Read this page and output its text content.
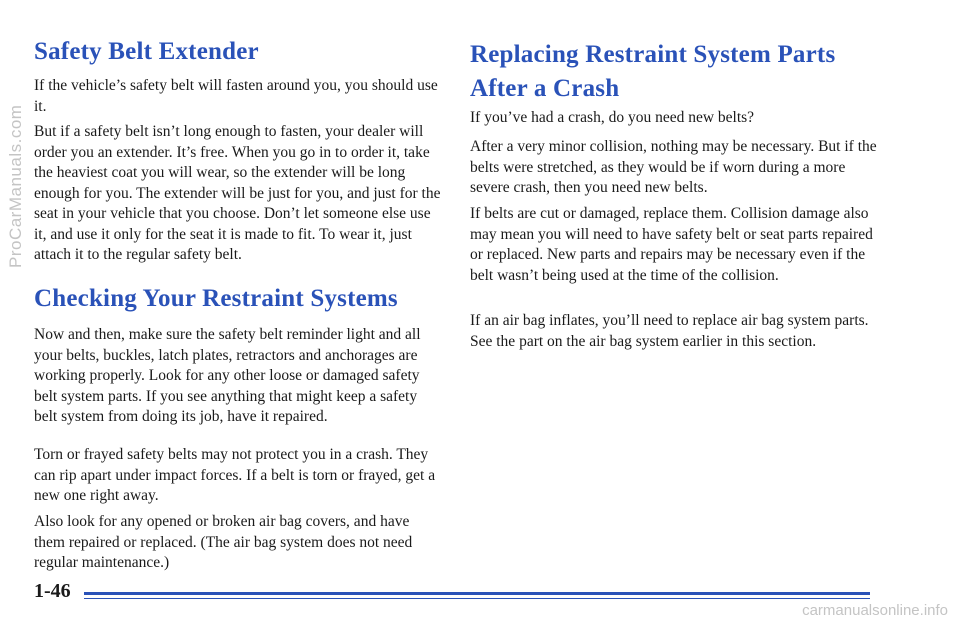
Safety Belt Extender

If the vehicle’s safety belt will fasten around you, you should use it.

But if a safety belt isn’t long enough to fasten, your dealer will order you an extender. It’s free. When you go in to order it, take the heaviest coat you will wear, so the extender will be long enough for you. The extender will be just for you, and just for the seat in your vehicle that you choose. Don’t let someone else use it, and use it only for the seat it is made to fit. To wear it, just attach it to the regular safety belt.

Checking Your Restraint Systems

Now and then, make sure the safety belt reminder light and all your belts, buckles, latch plates, retractors and anchorages are working properly. Look for any other loose or damaged safety belt system parts. If you see anything that might keep a safety belt system from doing its job, have it repaired.

Torn or frayed safety belts may not protect you in a crash. They can rip apart under impact forces. If a belt is torn or frayed, get a new one right away.

Also look for any opened or broken air bag covers, and have them repaired or replaced. (The air bag system does not need regular maintenance.)

Replacing Restraint System Parts After a Crash

If you’ve had a crash, do you need new belts?

After a very minor collision, nothing may be necessary. But if the belts were stretched, as they would be if worn during a more severe crash, then you need new belts.

If belts are cut or damaged, replace them. Collision damage also may mean you will need to have safety belt or seat parts repaired or replaced. New parts and repairs may be necessary even if the belt wasn’t being used at the time of the collision.

If an air bag inflates, you’ll need to replace air bag system parts. See the part on the air bag system earlier in this section.

1-46
ProCarManuals.com
carmanualsonline.info
